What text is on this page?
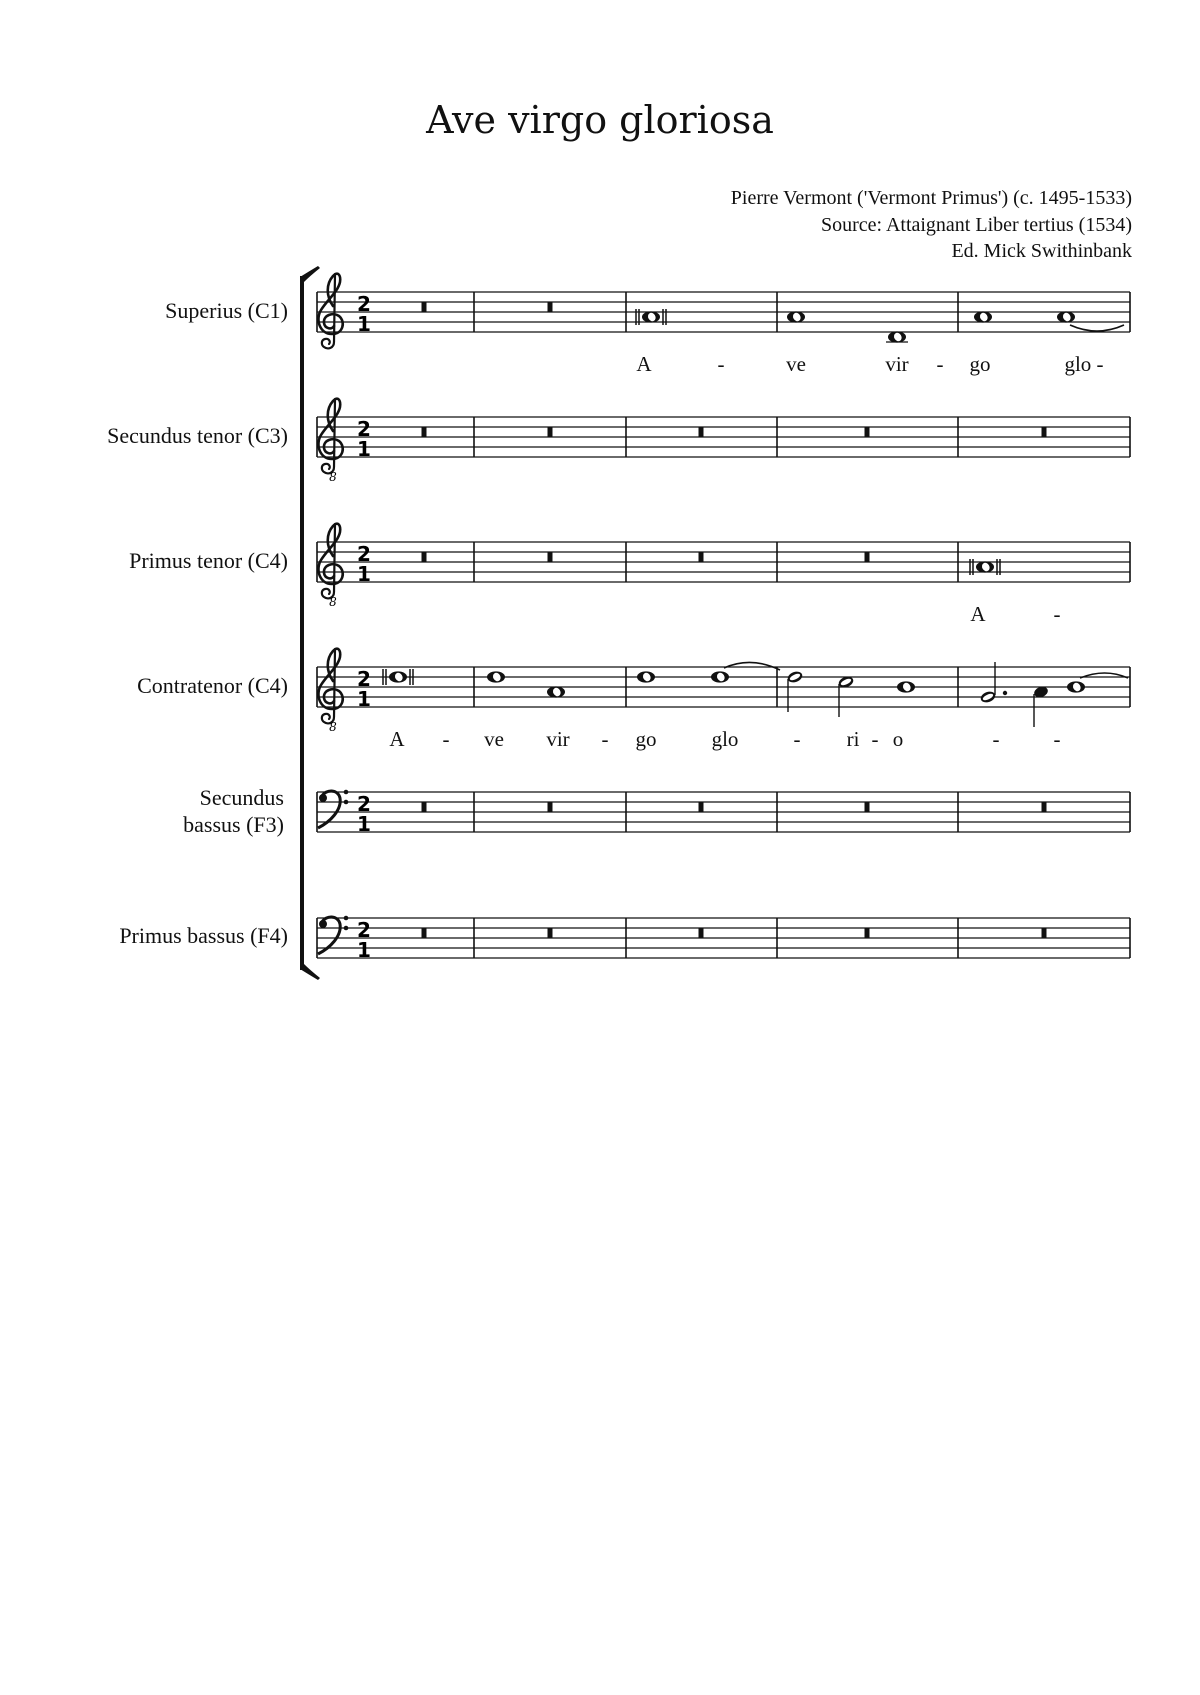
Ave virgo gloriosa
Pierre Vermont ('Vermont Primus') (c. 1495-1533)
Source: Attaignant Liber tertius (1534)
Ed. Mick Swithinbank
Superius (C1)
Secundus tenor (C3)
Primus tenor (C4)
Contratenor (C4)
Secundus
bassus (F3)
Primus bassus (F4)
2
1
A	-	ve	vir - go	glo -
8
2
1
8
2
1
A	-
8
2
1
A - ve vir - go	glo	- ri - o	-	-
2
1
2
1
